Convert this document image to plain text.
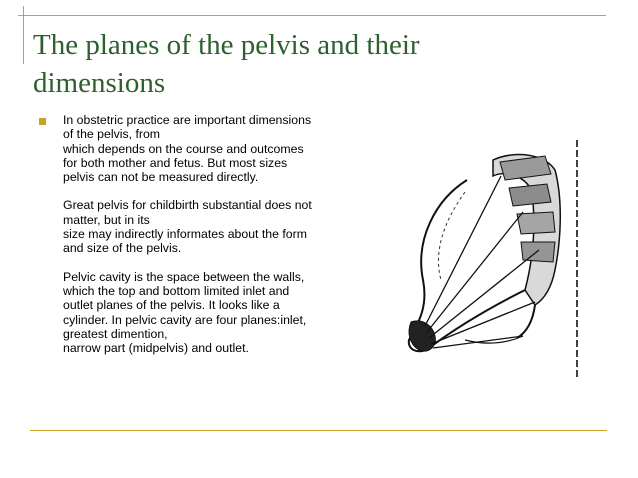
The planes of the pelvis and their dimensions

In obstetric practice are important dimensions
of the pelvis, from
which depends on the course and outcomes
for both mother and fetus. But most sizes
pelvis can not be measured directly.

Great pelvis for childbirth substantial does not
matter, but in its
size may indirectly informates about the form
and size of the pelvis.

Pelvic cavity is the space between the walls,
which the top and bottom limited inlet and
outlet planes of the pelvis. It looks like a
cylinder. In pelvic cavity are four planes:inlet,
greatest dimention,
narrow part (midpelvis) and outlet.
